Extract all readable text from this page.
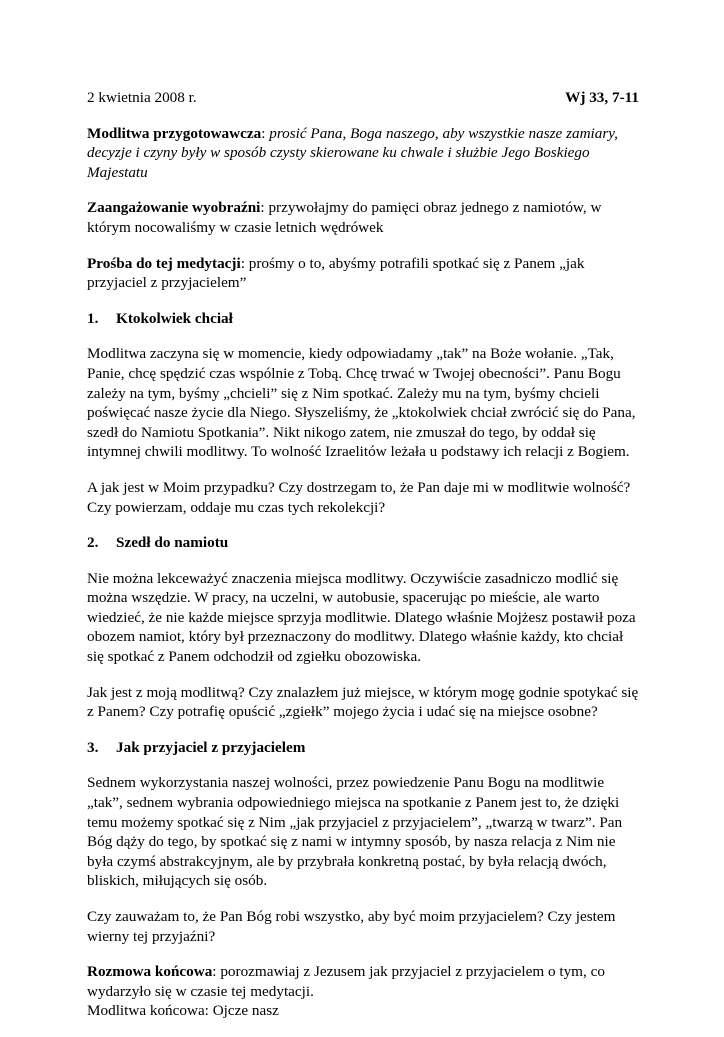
2 kwietnia 2008 r.	Wj 33, 7-11

Modlitwa przygotowawcza: prosić Pana, Boga naszego, aby wszystkie nasze zamiary, decyzje i czyny były w sposób czysty skierowane ku chwale i służbie Jego Boskiego Majestatu

Zaangażowanie wyobraźni: przywołajmy do pamięci obraz jednego z namiotów, w którym nocowaliśmy w czasie letnich wędrówek

Prośba do tej medytacji: prośmy o to, abyśmy potrafili spotkać się z Panem „jak przyjaciel z przyjacielem”

1.	Ktokolwiek chciał

Modlitwa zaczyna się w momencie, kiedy odpowiadamy „tak” na Boże wołanie. „Tak, Panie, chcę spędzić czas wspólnie z Tobą. Chcę trwać w Twojej obecności”. Panu Bogu zależy na tym, byśmy „chcieli” się z Nim spotkać. Zależy mu na tym, byśmy chcieli poświęcać nasze życie dla Niego. Słyszeliśmy, że „ktokolwiek chciał zwrócić się do Pana, szedł do Namiotu Spotkania”. Nikt nikogo zatem, nie zmuszał do tego, by oddał się intymnej chwili modlitwy. To wolność Izraelitów leżała u podstawy ich relacji z Bogiem.

A jak jest w Moim przypadku? Czy dostrzegam to, że Pan daje mi w modlitwie wolność? Czy powierzam, oddaje mu czas tych rekolekcji?

2.	Szedł do namiotu

Nie można lekceważyć znaczenia miejsca modlitwy. Oczywiście zasadniczo modlić się można wszędzie. W pracy, na uczelni, w autobusie, spacerując po mieście, ale warto wiedzieć, że nie każde miejsce sprzyja modlitwie. Dlatego właśnie Mojżesz postawił poza obozem namiot, który był przeznaczony do modlitwy. Dlatego właśnie każdy, kto chciał się spotkać z Panem odchodził od zgiełku obozowiska.

Jak jest z moją modlitwą? Czy znalazłem już miejsce, w którym mogę godnie spotykać się z Panem? Czy potrafię opuścić „zgiełk” mojego życia i udać się na miejsce osobne?

3.	Jak przyjaciel z przyjacielem

Sednem wykorzystania naszej wolności, przez powiedzenie Panu Bogu na modlitwie „tak”, sednem wybrania odpowiedniego miejsca na spotkanie z Panem jest to, że dzięki temu możemy spotkać się z Nim „jak przyjaciel z przyjacielem”, „twarzą w twarz”. Pan Bóg dąży do tego, by spotkać się z nami w intymny sposób, by nasza relacja z Nim nie była czymś abstrakcyjnym, ale by przybrała konkretną postać, by była relacją dwóch, bliskich, miłujących się osób.

Czy zauważam to, że Pan Bóg robi wszystko, aby być moim przyjacielem? Czy jestem wierny tej przyjaźni?

Rozmowa końcowa: porozmawiaj z Jezusem jak przyjaciel z przyjacielem o tym, co wydarzyło się w czasie tej medytacji.

Modlitwa końcowa: Ojcze nasz
